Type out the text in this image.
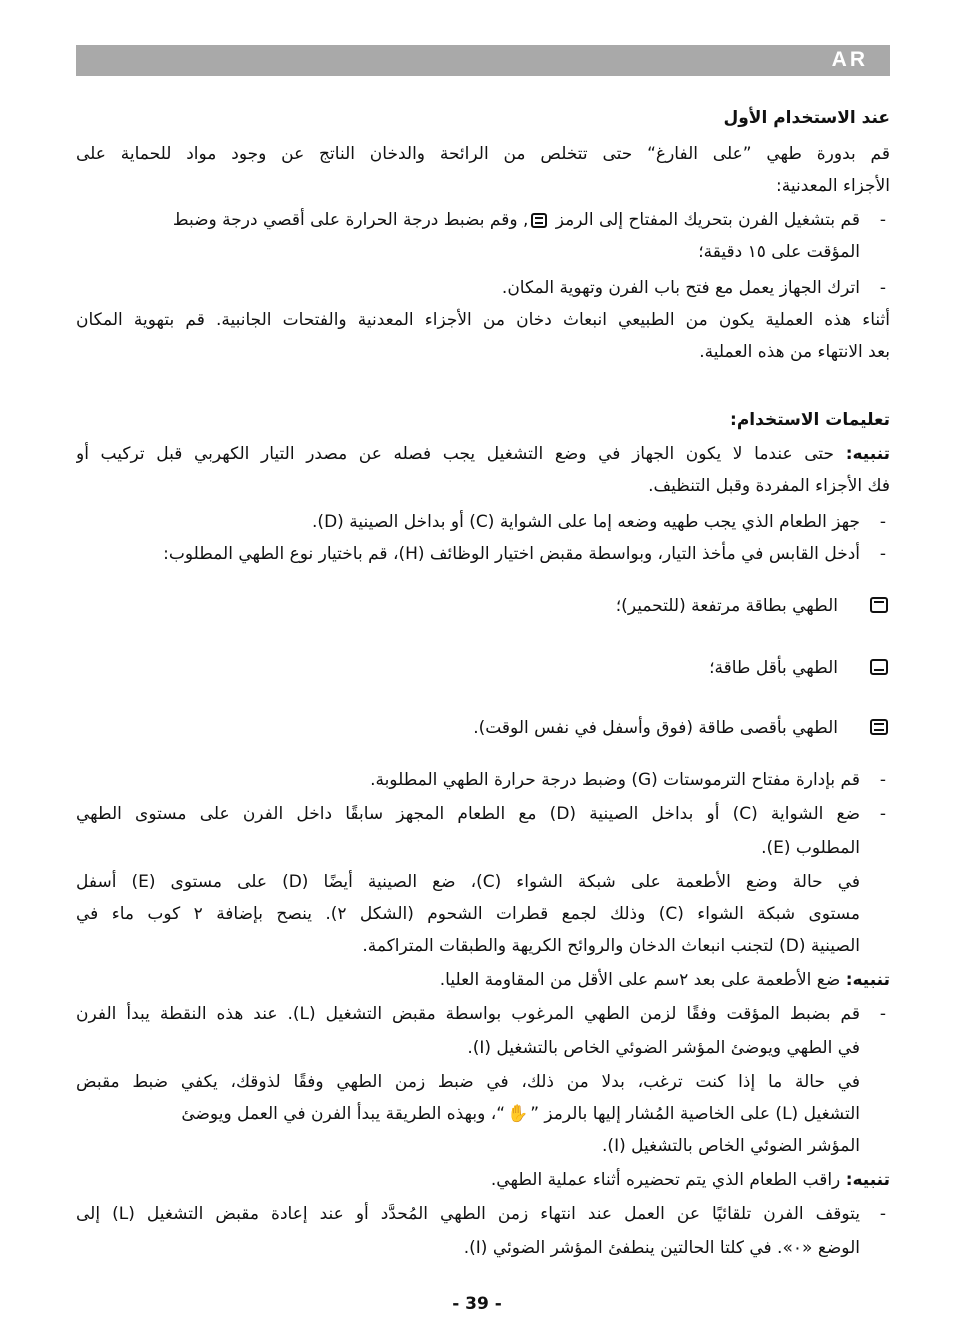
AR
عند الاستخدام الأول
قم بدورة طهي ”على الفارغ“ حتى تتخلص من الرائحة والدخان الناتج عن وجود مواد للحماية على
الأجزاء المعدنية:
-
قم بتشغيل الفرن بتحريك المفتاح إلى الرمز
, وقم بضبط درجة الحرارة على أقصي درجة وضبط
المؤقت على ١٥ دقيقة؛
-
اترك الجهاز يعمل مع فتح باب الفرن وتهوية المكان.
أثناء هذه العملية يكون من الطبيعي انبعاث دخان من الأجزاء المعدنية والفتحات الجانبية. قم بتهوية المكان
بعد الانتهاء من هذه العملية.
تعليمات الاستخدام:
تنبيه: حتى عندما لا يكون الجهاز في وضع التشغيل يجب فصله عن مصدر التيار الكهربي قبل تركيب أو
فك الأجزاء المفردة وقبل التنظيف.
-
جهز الطعام الذي يجب طهيه وضعه إما على الشواية (C) أو بداخل الصينية (D).
-
أدخل القابس في مأخذ التيار، وبواسطة مقبض اختيار الوظائف (H)، قم باختيار نوع الطهي المطلوب:
الطهي بطاقة مرتفعة (للتحمير)؛
الطهي بأقل طاقة؛
الطهي بأقصى طاقة (فوق وأسفل في نفس الوقت).
-
قم بإدارة مفتاح الترموستات (G) وضبط درجة حرارة الطهي المطلوبة.
-
ضع الشواية (C) أو بداخل الصينية (D) مع الطعام المجهز سابقًا داخل الفرن على مستوى الطهي
المطلوب (E).
في حالة وضع الأطعمة على شبكة الشواء (C)، ضع الصينية أيضًا (D) على مستوى (E) أسفل
مستوى شبكة الشواء (C) وذلك لجمع قطرات الشحوم (الشكل ٢). ينصح بإضافة ٢ كوب ماء في
الصينية (D) لتجنب انبعاث الدخان والروائح الكريهة والطبقات المتراكمة.
تنبيه: ضع الأطعمة على بعد ٢سم على الأقل من المقاومة العليا.
-
قم بضبط المؤقت وفقًا لزمن الطهي المرغوب بواسطة مقبض التشغيل (L). عند هذه النقطة يبدأ الفرن
في الطهي ويوضئ المؤشر الضوئي الخاص بالتشغيل (I).
في حالة ما إذا كنت ترغب، بدلا من ذلك، في ضبط زمن الطهي وفقًا لذوقك، يكفي ضبط مقبض
التشغيل (L) على الخاصية المُشار إليها بالرمز ”✋“، وبهذه الطريقة يبدأ الفرن في العمل ويوضئ
المؤشر الضوئي الخاص بالتشغيل (I).
تنبيه: راقب الطعام الذي يتم تحضيره أثناء عملية الطهي.
-
يتوقف الفرن تلقائيًا عن العمل عند انتهاء زمن الطهي المُحدَّد أو عند إعادة مقبض التشغيل (L) إلى
الوضع «٠». في كلتا الحالتين ينطفئ المؤشر الضوئي (I).
- 39 -
